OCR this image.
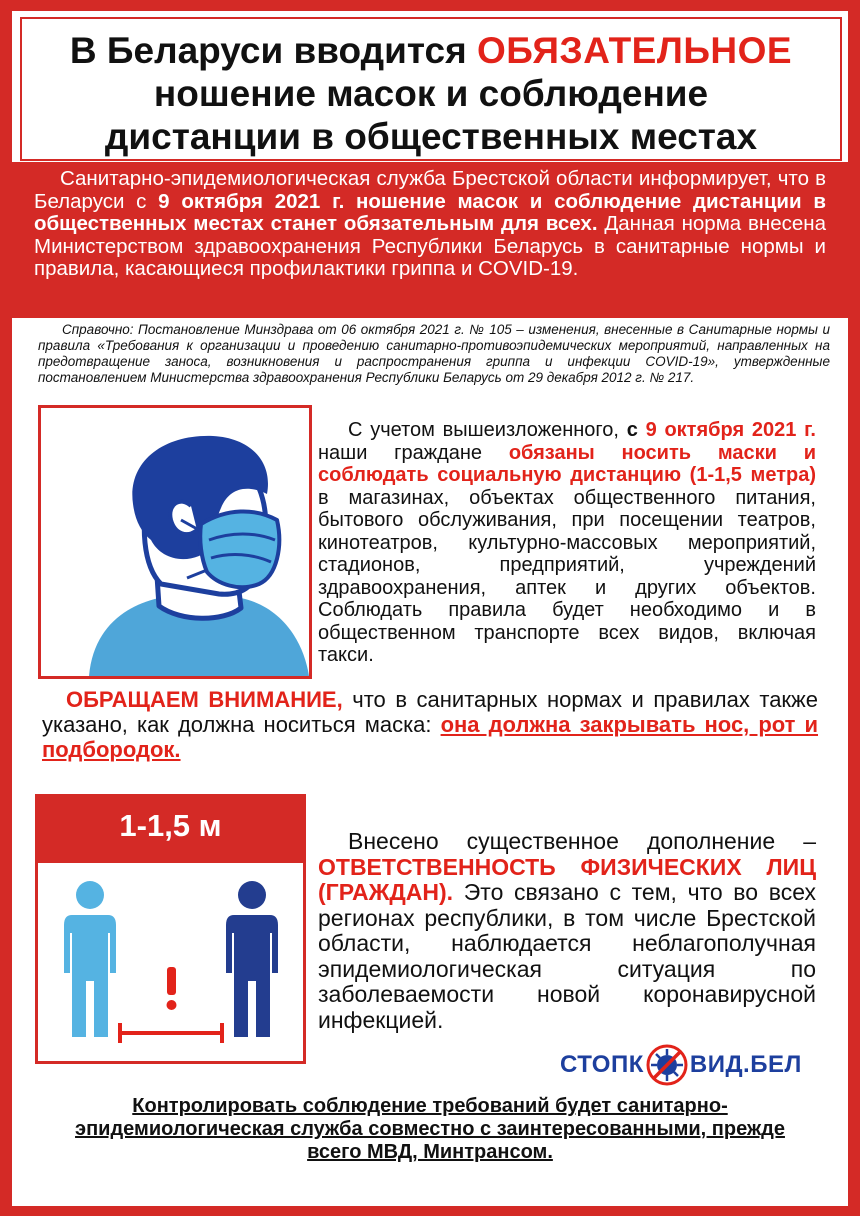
В Беларуси вводится ОБЯЗАТЕЛЬНОЕ
ношение масок и соблюдение
дистанции в общественных местах

Санитарно-эпидемиологическая служба Брестской области информирует, что в Беларуси с 9 октября 2021 г. ношение масок и соблюдение дистанции в общественных местах станет обязательным для всех. Данная норма внесена Министерством здравоохранения Республики Беларусь в санитарные нормы и правила, касающиеся профилактики гриппа и COVID-19.

Справочно: Постановление Минздрава от 06 октября 2021 г. № 105 – изменения, внесенные в Санитарные нормы и правила «Требования к организации и проведению санитарно-противоэпидемических мероприятий, направленных на предотвращение заноса, возникновения и распространения гриппа и инфекции COVID-19», утвержденные постановлением Министерства здравоохранения Республики Беларусь от 29 декабря 2012 г. № 217.

С учетом вышеизложенного, с 9 октября 2021 г. наши граждане обязаны носить маски и соблюдать социальную дистанцию (1-1,5 метра) в магазинах, объектах общественного питания, бытового обслуживания, при посещении театров, кинотеатров, культурно-массовых мероприятий, стадионов, предприятий, учреждений здравоохранения, аптек и других объектов. Соблюдать правила будет необходимо и в общественном транспорте всех видов, включая такси.

ОБРАЩАЕМ ВНИМАНИЕ, что в санитарных нормах и правилах также указано, как должна носиться маска: она должна закрывать нос, рот и подбородок.

1-1,5 м	Внесено существенное дополнение – ОТВЕТСТВЕННОСТЬ ФИЗИЧЕСКИХ ЛИЦ (ГРАЖДАН). Это связано с тем, что во всех регионах республики, в том числе Брестской области, наблюдается неблагополучная эпидемиологическая ситуация по заболеваемости новой коронавирусной инфекцией.

СТОПК ВИД.БЕЛ

Контролировать соблюдение требований будет санитарно-эпидемиологическая служба совместно с заинтересованными, прежде всего МВД, Минтрансом.
